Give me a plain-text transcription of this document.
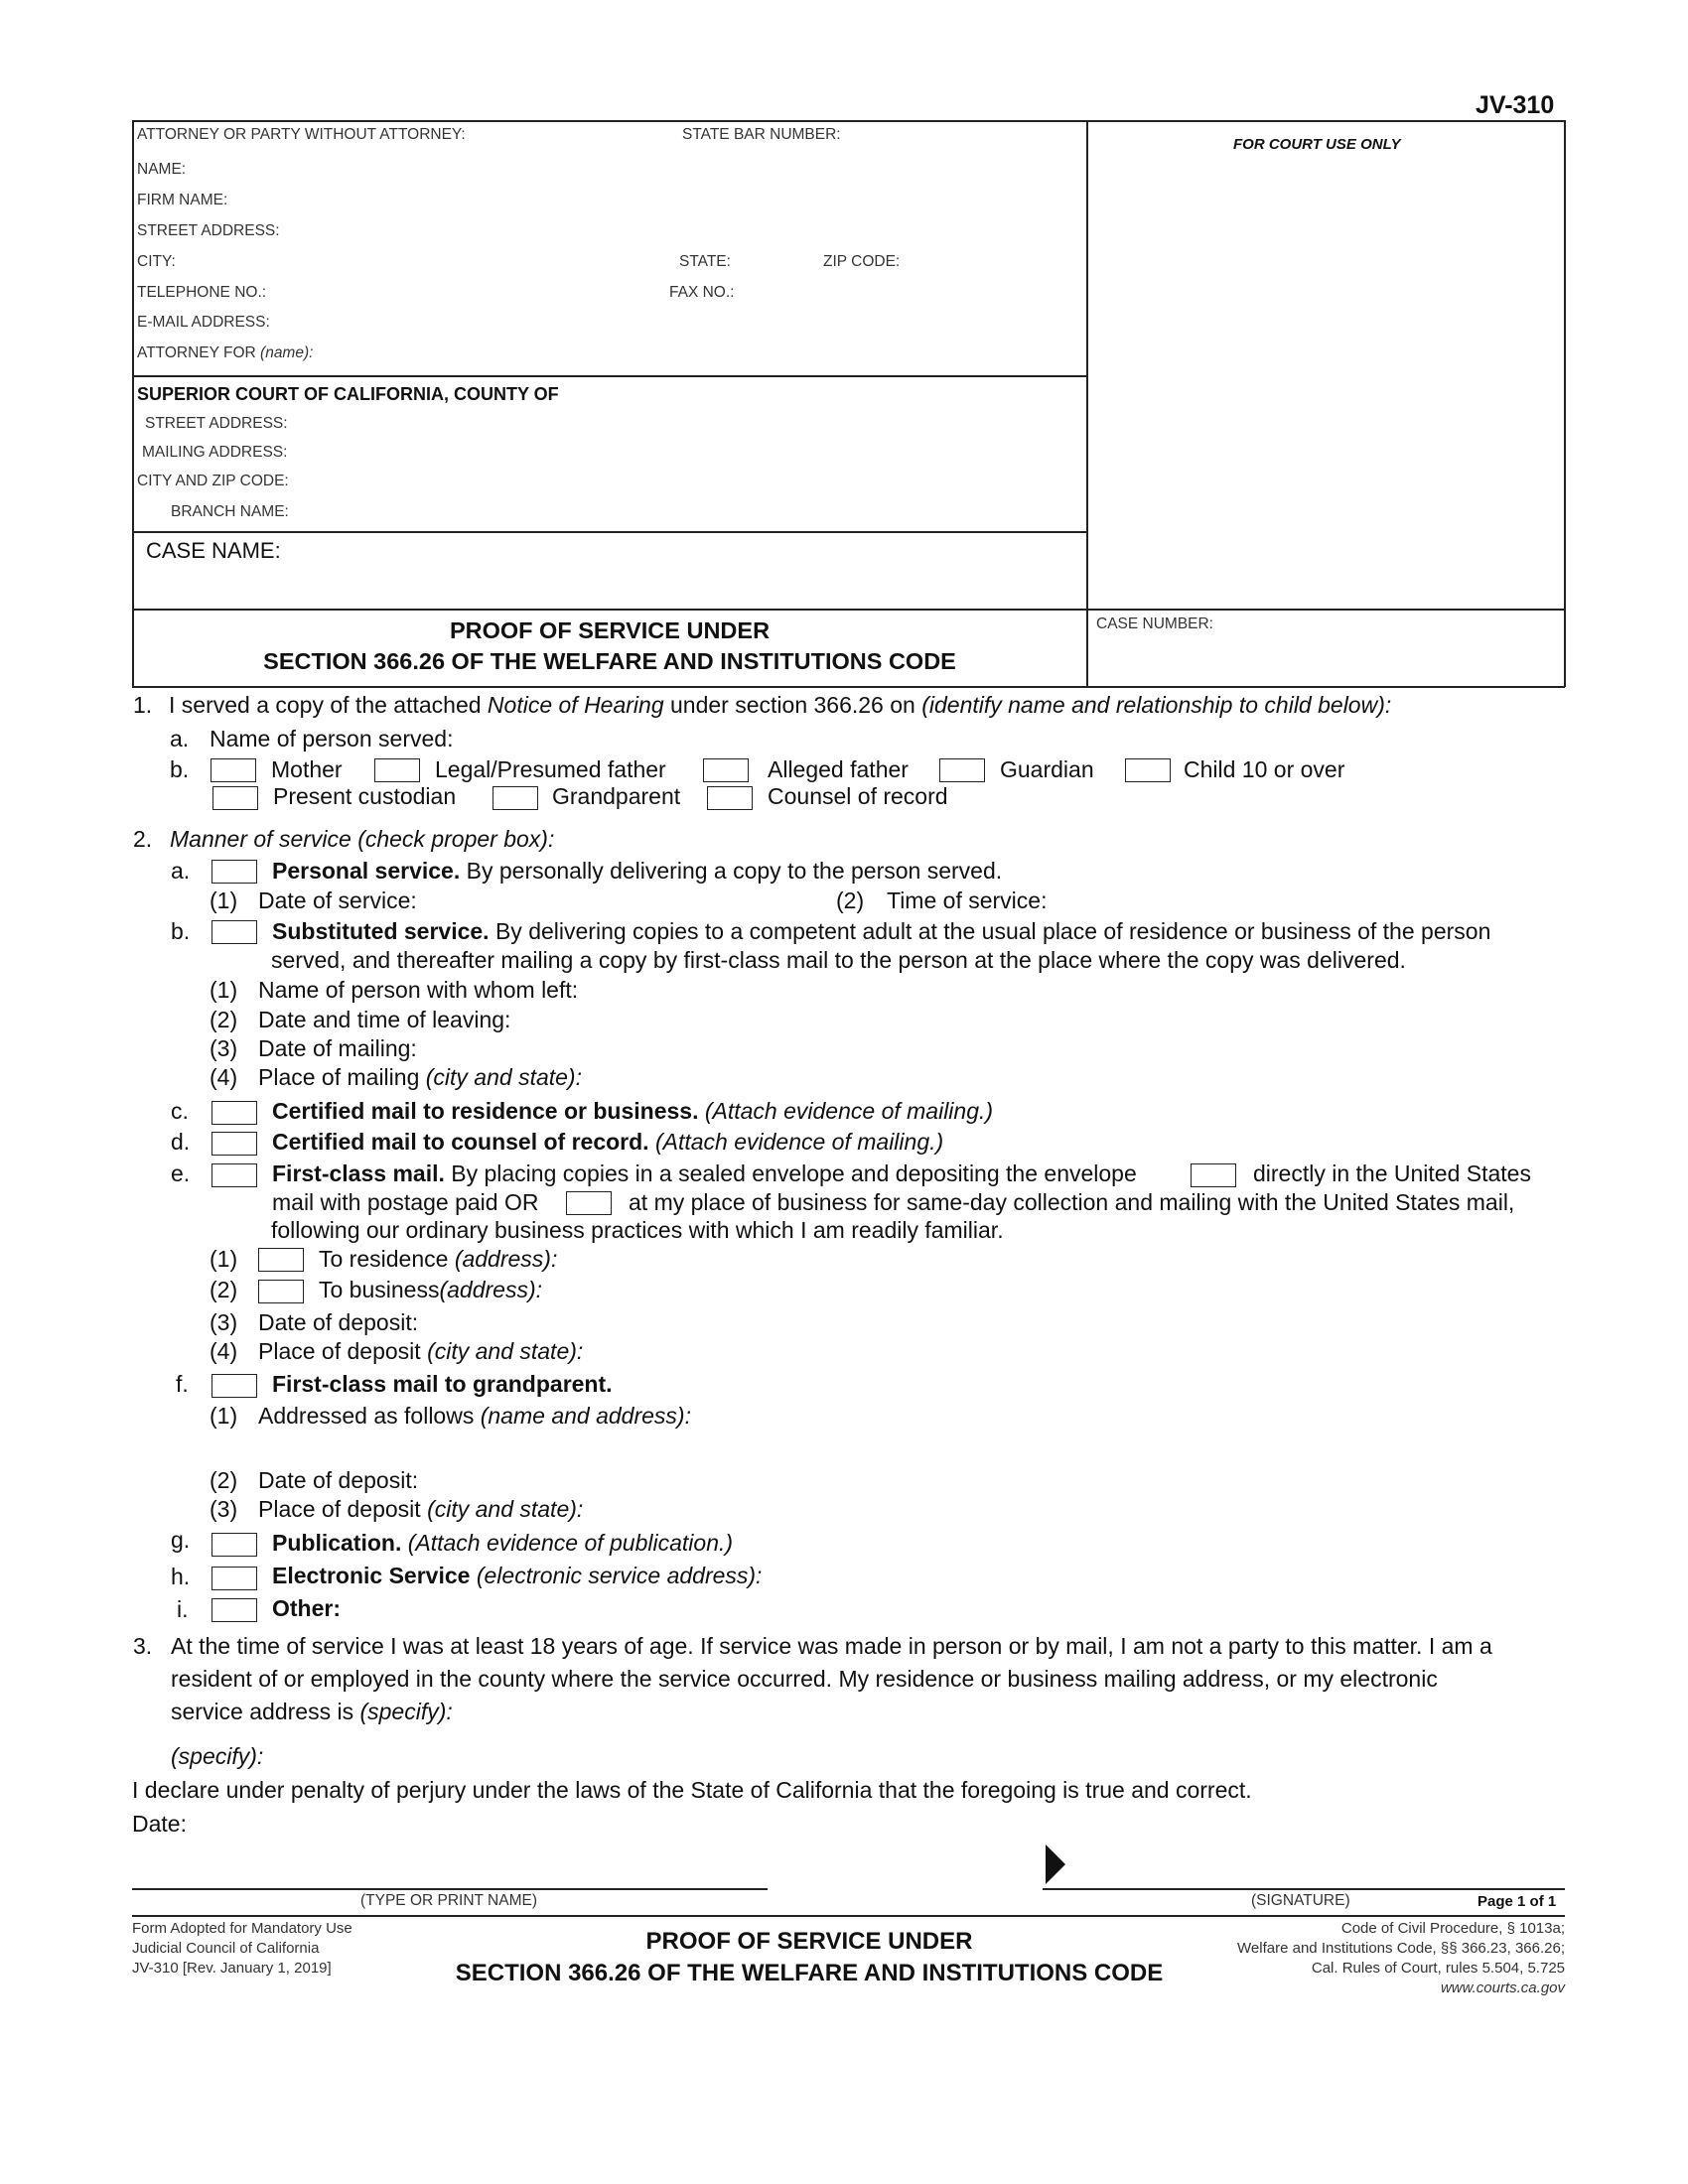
JV-310
ATTORNEY OR PARTY WITHOUT ATTORNEY:	STATE BAR NUMBER:
FOR COURT USE ONLY
NAME:
FIRM NAME:
STREET ADDRESS:
CITY:	STATE:	ZIP CODE:
TELEPHONE NO.:	FAX NO.:
E-MAIL ADDRESS:
ATTORNEY FOR (name):
SUPERIOR COURT OF CALIFORNIA, COUNTY OF
STREET ADDRESS:
MAILING ADDRESS:
CITY AND ZIP CODE:
BRANCH NAME:
CASE NAME:
PROOF OF SERVICE UNDER
SECTION 366.26 OF THE WELFARE AND INSTITUTIONS CODE
CASE NUMBER:
1. I served a copy of the attached Notice of Hearing under section 366.26 on (identify name and relationship to child below):
a. Name of person served:
b.	Mother	Legal/Presumed father	Alleged father	Guardian	Child 10 or over
Present custodian	Grandparent	Counsel of record
2. Manner of service (check proper box):
a.	Personal service. By personally delivering a copy to the person served.
(1) Date of service:	(2) Time of service:
b.	Substituted service. By delivering copies to a competent adult at the usual place of residence or business of the person
served, and thereafter mailing a copy by first-class mail to the person at the place where the copy was delivered.
(1) Name of person with whom left:
(2) Date and time of leaving:
(3) Date of mailing:
(4) Place of mailing (city and state):
c.	Certified mail to residence or business. (Attach evidence of mailing.)
d.	Certified mail to counsel of record. (Attach evidence of mailing.)
e.	First-class mail. By placing copies in a sealed envelope and depositing the envelope	directly in the United States
mail with postage paid OR	at my place of business for same-day collection and mailing with the United States mail,
following our ordinary business practices with which I am readily familiar.
(1)	To residence (address):
(2)	To business(address):
(3) Date of deposit:
(4) Place of deposit (city and state):
f.	First-class mail to grandparent.
(1) Addressed as follows (name and address):
(2) Date of deposit:
(3) Place of deposit (city and state):
g.	Publication. (Attach evidence of publication.)
h.	Electronic Service (electronic service address):
i.	Other:
3. At the time of service I was at least 18 years of age. If service was made in person or by mail, I am not a party to this matter. I am a
resident of or employed in the county where the service occurred. My residence or business mailing address, or my electronic
service address is (specify):
(specify):
I declare under penalty of perjury under the laws of the State of California that the foregoing is true and correct.
Date:
(TYPE OR PRINT NAME)	(SIGNATURE)	Page 1 of 1
Form Adopted for Mandatory Use
Judicial Council of California
JV-310 [Rev. January 1, 2019]
PROOF OF SERVICE UNDER
SECTION 366.26 OF THE WELFARE AND INSTITUTIONS CODE
Code of Civil Procedure, § 1013a;
Welfare and Institutions Code, §§ 366.23, 366.26;
Cal. Rules of Court, rules 5.504, 5.725
www.courts.ca.gov
